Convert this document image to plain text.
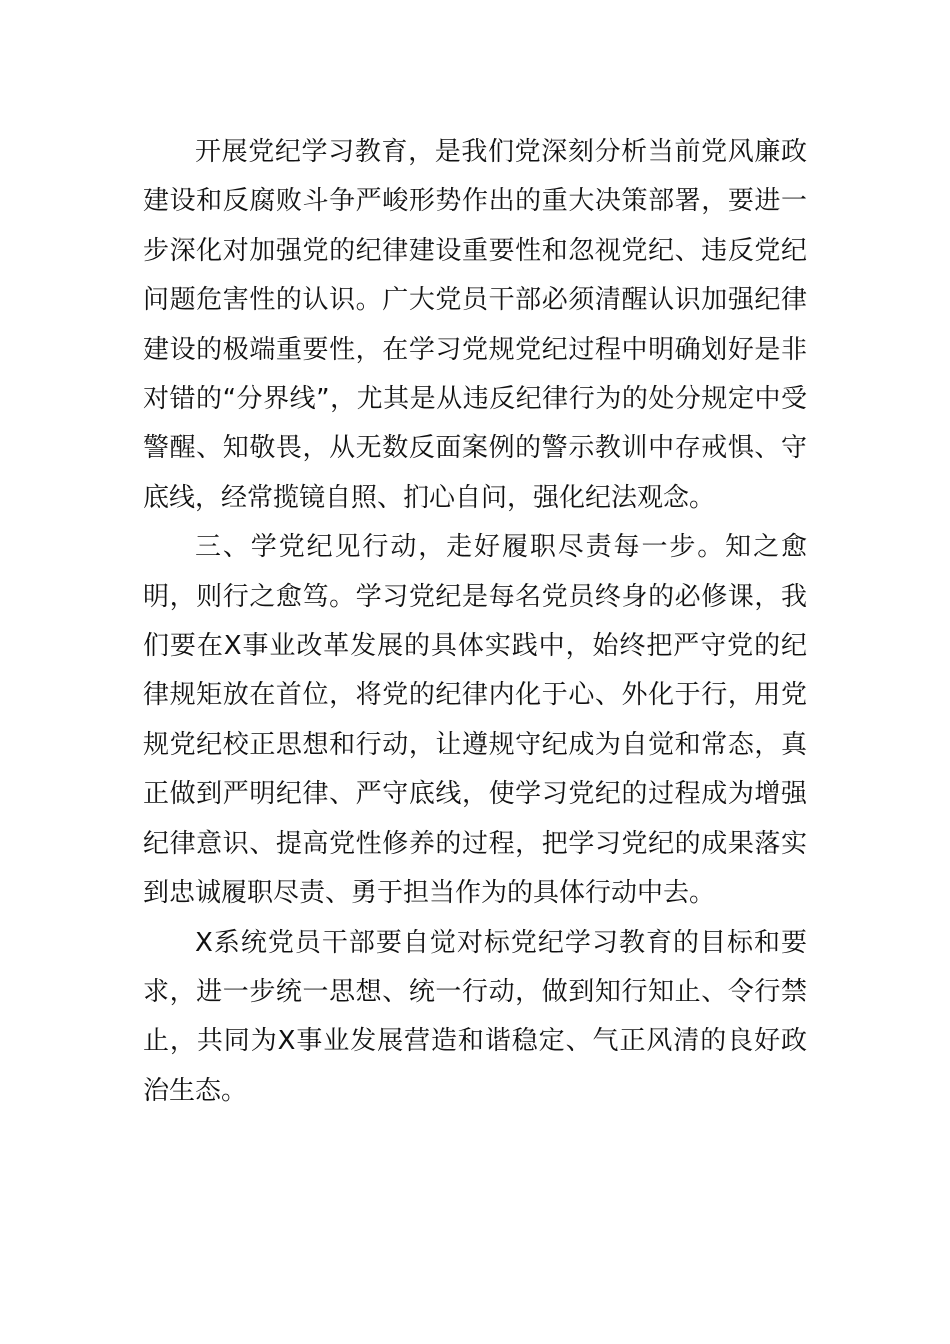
开展党纪学习教育，是我们党深刻分析当前党风廉政建设和反腐败斗争严峻形势作出的重大决策部署，要进一步深化对加强党的纪律建设重要性和忽视党纪、违反党纪问题危害性的认识。广大党员干部必须清醒认识加强纪律建设的极端重要性，在学习党规党纪过程中明确划好是非对错的“分界线”，尤其是从违反纪律行为的处分规定中受警醒、知敬畏，从无数反面案例的警示教训中存戒惧、守底线，经常揽镜自照、扪心自问，强化纪法观念。

三、学党纪见行动，走好履职尽责每一步。知之愈明，则行之愈笃。学习党纪是每名党员终身的必修课，我们要在X事业改革发展的具体实践中，始终把严守党的纪律规矩放在首位，将党的纪律内化于心、外化于行，用党规党纪校正思想和行动，让遵规守纪成为自觉和常态，真正做到严明纪律、严守底线，使学习党纪的过程成为增强纪律意识、提高党性修养的过程，把学习党纪的成果落实到忠诚履职尽责、勇于担当作为的具体行动中去。

X系统党员干部要自觉对标党纪学习教育的目标和要求，进一步统一思想、统一行动，做到知行知止、令行禁止，共同为X事业发展营造和谐稳定、气正风清的良好政治生态。
